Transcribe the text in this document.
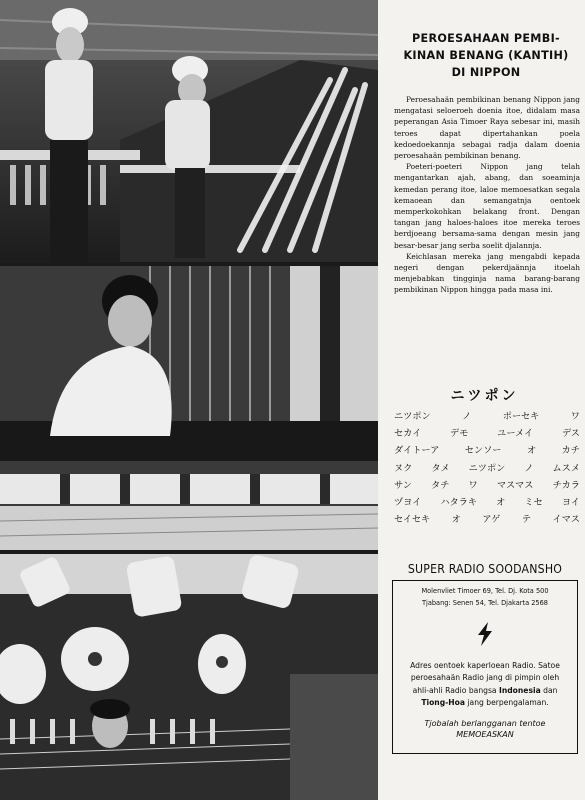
PEROESAHAAN PEMBI-
KINAN BENANG (KANTIH)
DI NIPPON

Peroesahaän pembikinan benang Nippon jang mengatasi seloeroeh doenia itoe, didalam masa peperangan Asia Timoer Raya sebesar ini, masih teroes dapat dipertahankan poela kedoedoekannja sebagai radja dalam doenia peroesahaän pembikinan benang.

Poeteri-poeteri Nippon jang telah mengantarkan ajah, abang, dan soeaminja kemedan perang itoe, laloe memoesatkan segala kemaoean dan semangatnja oentoek memperkokohkan belakang front. Dengan tangan jang haloes-haloes itoe mereka teroes berdjoeang bersama-sama dengan mesin jang besar-besar jang serba soelit djalannja.

Keichlasan mereka jang mengabdi kepada negeri dengan pekerdjaännja itoelah menjebabkan tingginja nama barang-barang pembikinan Nippon hingga pada masa ini.

ニツポン
ニツポン	ノ	ポーセキ	ワ
セカイ	デモ	ユーメイ	デス
ダイトーア	センソー	オ	カチ
ヌク タメ ニツポン ノ ムスメ
サン タチ ワ マスマス チカラ
ヅヨイ ハタラキ オ ミセ ヨイ
セイセキ オ アゲ テ イマス
SUPER RADIO SOODANSHO
Molenvliet Timoer 69, Tel. Dj. Kota 500
Tjabang: Senen 54, Tel. Djakarta 2568

Adres oentoek kaperloean Radio. Satoe peroesahaän Radio jang di pimpin oleh ahli-ahli Radio bangsa Indonesia dan Tiong-Hoa jang berpengalaman.

Tjobalah berlangganan tentoe
MEMOEASKAN
